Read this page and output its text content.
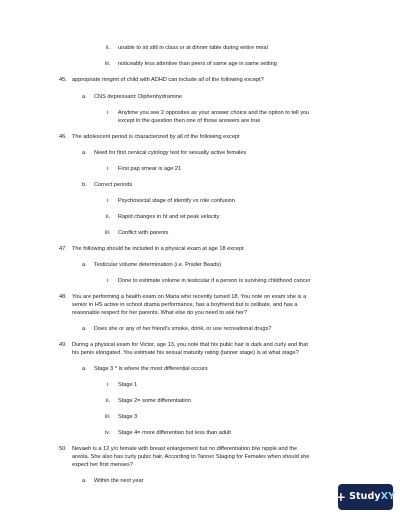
ii. unable to sit still in class or at dinner table during entire meal
iii. noticeably less attentive than peers of same age in same setting
45. appropriate mngmt of child with ADHD can include all of the following except?
a. CNS depressant: Diphenhydramine
i. Anytime you see 2 opposites as your answer choice and the option to tell you
except in the question then one of those answers are true
46. The adolescent period is characterized by all of the following except
a. Need for first cervical cytology test for sexually active females
i. First pap smear is age 21
b. Correct periods
i. Psychosocial stage of identify vs role confusion
ii. Rapid changes in ht and wt peak velocity
iii. Conflict with parents
47. The following should be included in a physical exam at age 18 except
a. Testicular volume determination (i.e. Prader Beads)
i. Done to estimate volume in testicular if a person is surviving childhood cancer
48. You are performing a health exam on Maria who recently turned 18. You note on exam she is a
senior in HS active in school drama performance, has a boyfriend but is celibate, and has a
reasonable respect for her parents. What else do you need to ask her?
a. Does she or any of her friend's smoke, drink, or use recreational drugs?
49. During a physical exam for Victor, age 13, you note that his pubic hair is dark and curly and that
his penis elongated. You estimate his sexual maturity rating (tanner stage) is at what stage?
a. Stage 3 * is where the most differential occurs
i. Stage 1
ii. Stage 2= some differentiation
iii. Stage 3
iv. Stage 4= more differentian but less than adult
50. Nevaeh is a 12 y/o female with breast enlargement but no differentiation b/w nipple and the
areola. She also has curly pubic hair. According to Tanner Staging for Females when should she
expect her first menses?
a. Within the next year
+ Study XY
